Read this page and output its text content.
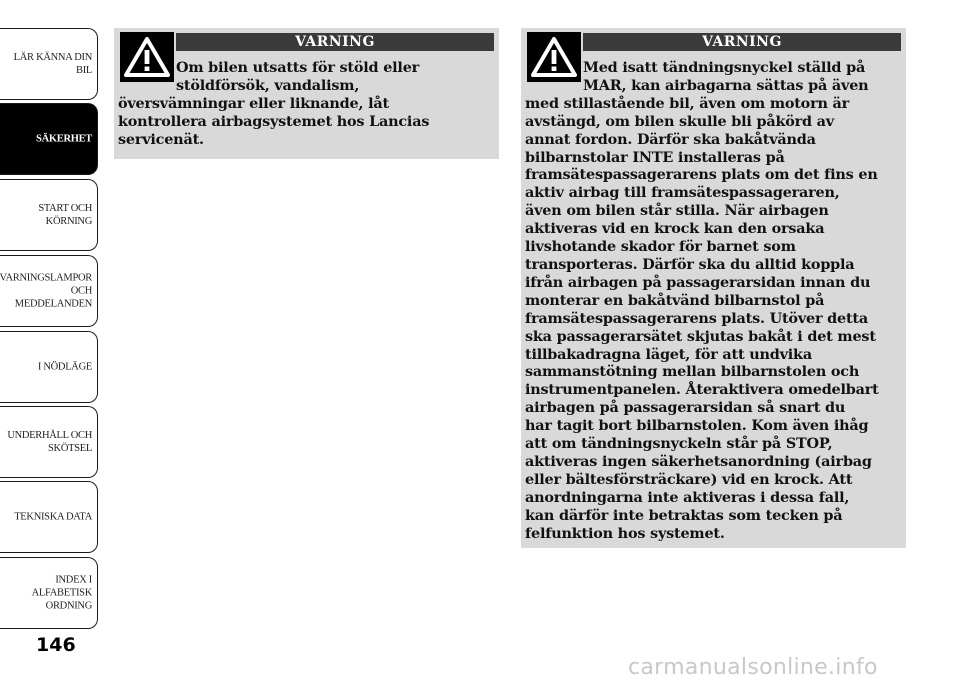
LÄR KÄNNA DIN
BIL
SÄKERHET
START OCH
KÖRNING
VARNINGSLAMPOR
OCH
MEDDELANDEN
I NÖDLÄGE
UNDERHÅLL OCH
SKÖTSEL
TEKNISKA DATA
INDEX I
ALFABETISK
ORDNING
146
VARNING
Om bilen utsatts för stöld eller
stöldförsök, vandalism,
översvämningar eller liknande, låt
kontrollera airbagsystemet hos Lancias
servicenät.
VARNING
Med isatt tändningsnyckel ställd på
MAR, kan airbagarna sättas på även
med stillastående bil, även om motorn är
avstängd, om bilen skulle bli påkörd av
annat fordon. Därför ska bakåtvända
bilbarnstolar INTE installeras på
framsätespassagerarens plats om det fins en
aktiv airbag till framsätespassageraren,
även om bilen står stilla. När airbagen
aktiveras vid en krock kan den orsaka
livshotande skador för barnet som
transporteras. Därför ska du alltid koppla
ifrån airbagen på passagerarsidan innan du
monterar en bakåtvänd bilbarnstol på
framsätespassagerarens plats. Utöver detta
ska passagerarsätet skjutas bakåt i det mest
tillbakadragna läget, för att undvika
sammanstötning mellan bilbarnstolen och
instrumentpanelen. Återaktivera omedelbart
airbagen på passagerarsidan så snart du
har tagit bort bilbarnstolen. Kom även ihåg
att om tändningsnyckeln står på STOP,
aktiveras ingen säkerhetsanordning (airbag
eller bältesförsträckare) vid en krock. Att
anordningarna inte aktiveras i dessa fall,
kan därför inte betraktas som tecken på
felfunktion hos systemet.
carmanualsonline.info
